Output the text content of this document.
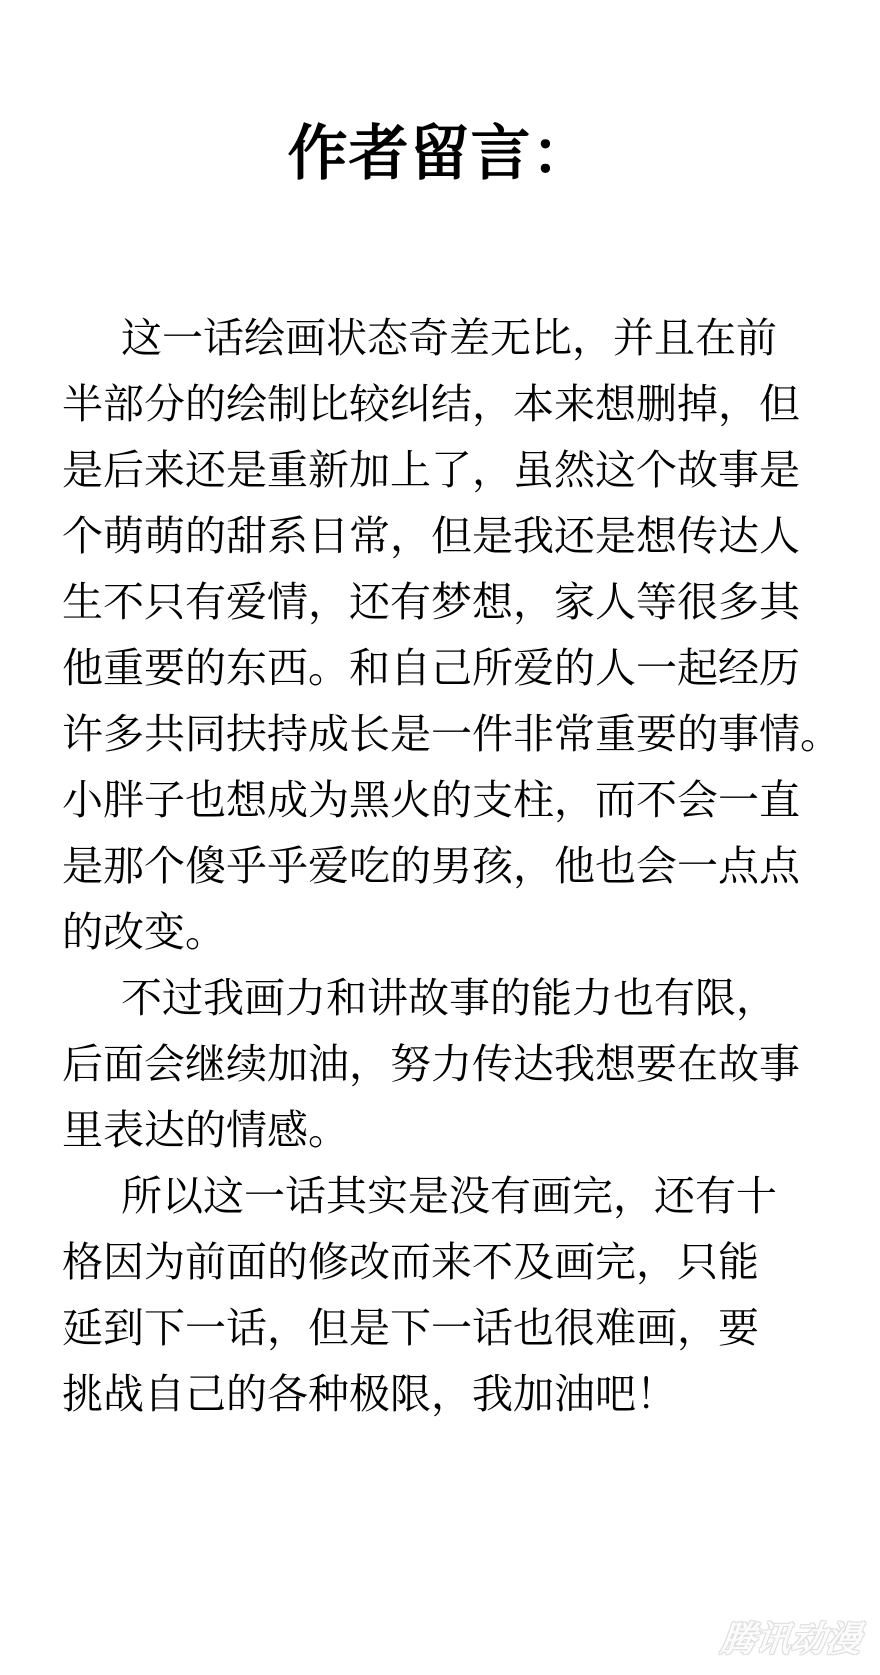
作者留言：
这一话绘画状态奇差无比，并且在前
半部分的绘制比较纠结，本来想删掉，但
是后来还是重新加上了，虽然这个故事是
个萌萌的甜系日常，但是我还是想传达人
生不只有爱情，还有梦想，家人等很多其
他重要的东西。和自己所爱的人一起经历
许多共同扶持成长是一件非常重要的事情。
小胖子也想成为黑火的支柱，而不会一直
是那个傻乎乎爱吃的男孩，他也会一点点
的改变。
不过我画力和讲故事的能力也有限，
后面会继续加油，努力传达我想要在故事
里表达的情感。
所以这一话其实是没有画完，还有十
格因为前面的修改而来不及画完，只能
延到下一话，但是下一话也很难画，要
挑战自己的各种极限，我加油吧！
腾讯动漫
